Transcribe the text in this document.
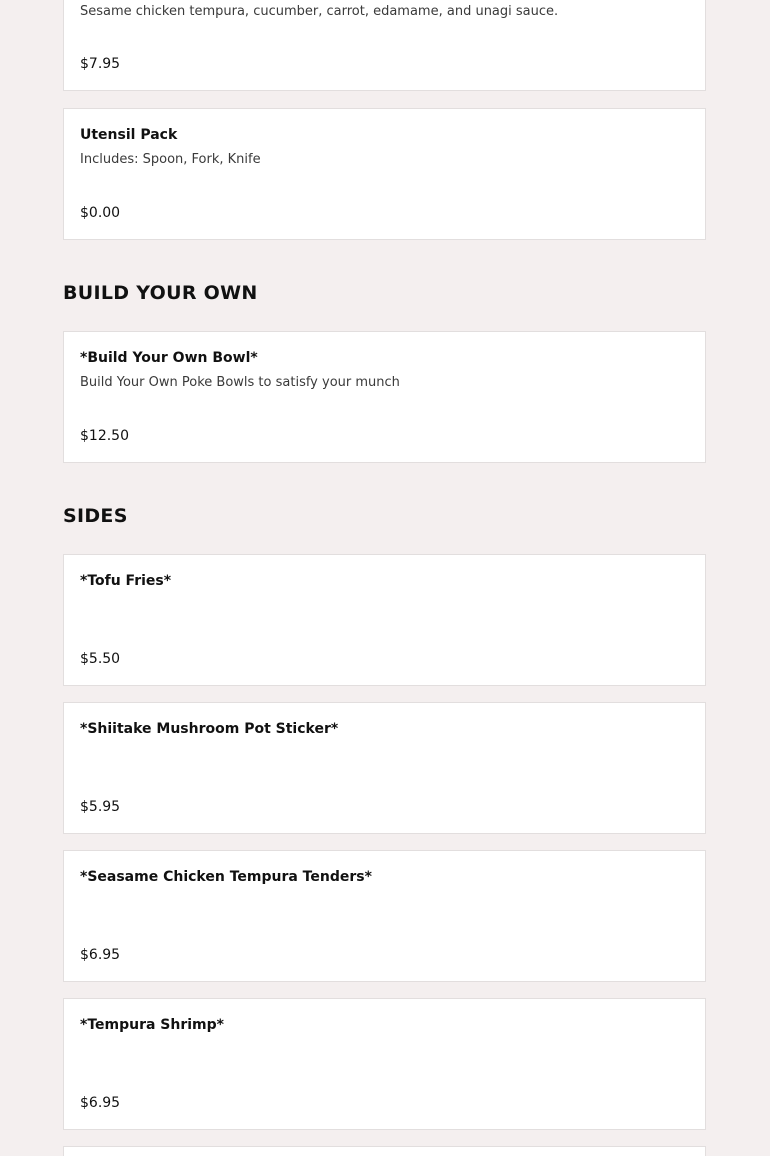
Sesame chicken tempura, cucumber, carrot, edamame, and unagi sauce.
$7.95
Utensil Pack
Includes: Spoon, Fork, Knife
$0.00
BUILD YOUR OWN
*Build Your Own Bowl*
Build Your Own Poke Bowls to satisfy your munch
$12.50
SIDES
*Tofu Fries*
$5.50
*Shiitake Mushroom Pot Sticker*
$5.95
*Seasame Chicken Tempura Tenders*
$6.95
*Tempura Shrimp*
$6.95
